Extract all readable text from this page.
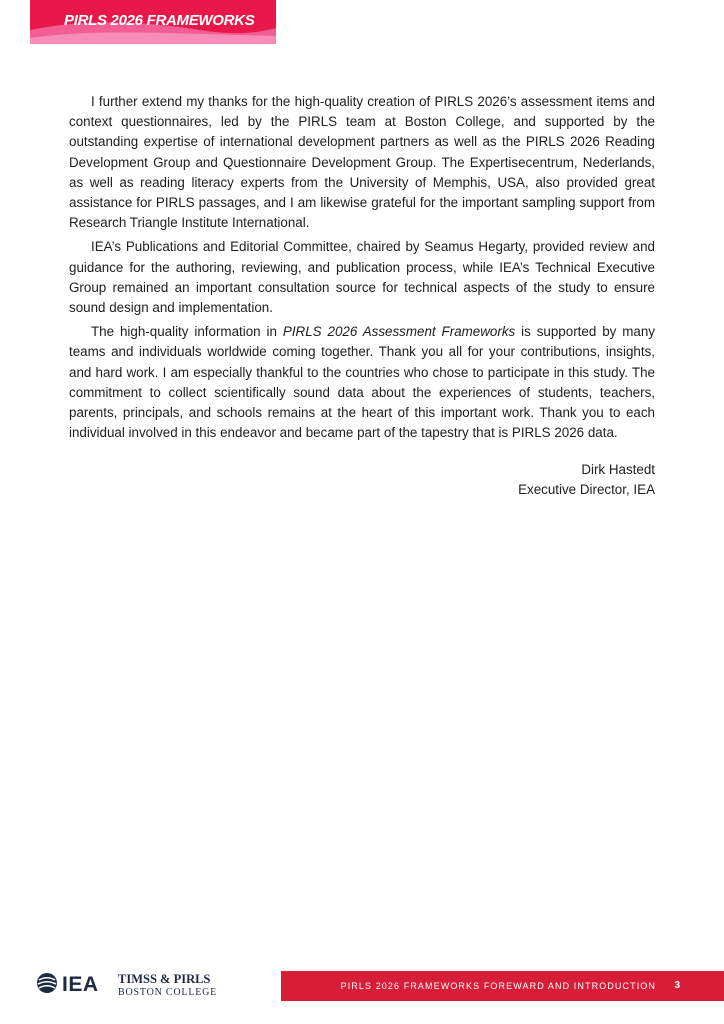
PIRLS 2026 FRAMEWORKS

I further extend my thanks for the high-quality creation of PIRLS 2026’s assessment items and context questionnaires, led by the PIRLS team at Boston College, and supported by the outstanding expertise of international development partners as well as the PIRLS 2026 Reading Development Group and Questionnaire Development Group. The Expertisecentrum, Nederlands, as well as reading literacy experts from the University of Memphis, USA, also provided great assistance for PIRLS passages, and I am likewise grateful for the important sampling support from Research Triangle Institute International.

IEA’s Publications and Editorial Committee, chaired by Seamus Hegarty, provided review and guidance for the authoring, reviewing, and publication process, while IEA’s Technical Executive Group remained an important consultation source for technical aspects of the study to ensure sound design and implementation.

The high-quality information in PIRLS 2026 Assessment Frameworks is supported by many teams and individuals worldwide coming together. Thank you all for your contributions, insights, and hard work. I am especially thankful to the countries who chose to participate in this study. The commitment to collect scientifically sound data about the experiences of students, teachers, parents, principals, and schools remains at the heart of this important work. Thank you to each individual involved in this endeavor and became part of the tapestry that is PIRLS 2026 data.

Dirk Hastedt
Executive Director, IEA
IEA TIMSS & PIRLS
BOSTON COLLEGE
PIRLS 2026 FRAMEWORKS FOREWARD AND INTRODUCTION 3
